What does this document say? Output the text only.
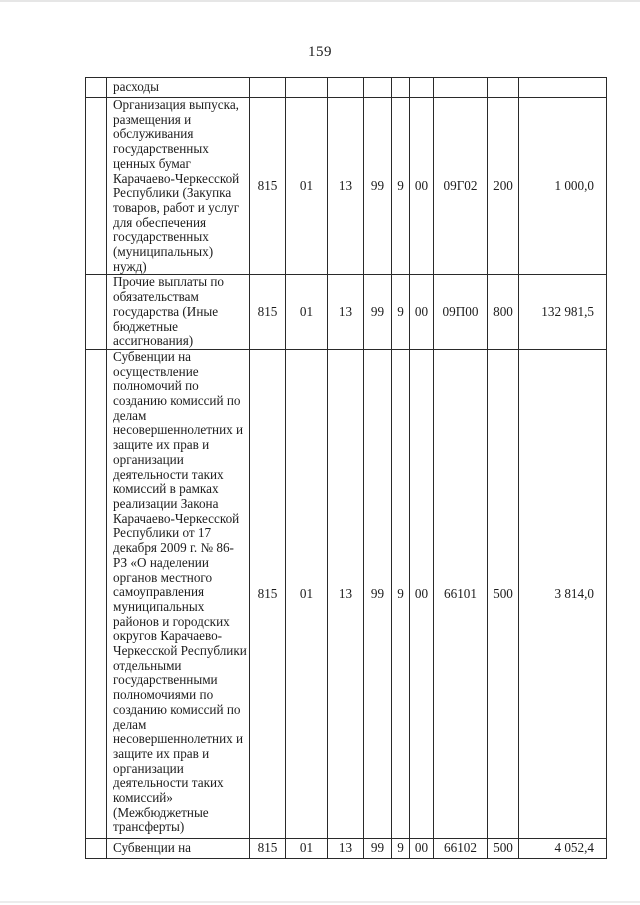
159
	расходы									
	Организация выпуска, размещения и обслуживания государственных ценных бумаг Карачаево-Черкесской Республики (Закупка товаров, работ и услуг для обеспечения государственных (муниципальных) нужд)	815	01	13	99	9	00	09Г02	200	1 000,0
	Прочие выплаты по обязательствам государства (Иные бюджетные ассигнования)	815	01	13	99	9	00	09П00	800	132 981,5
	Субвенции на осуществление полномочий по созданию комиссий по делам несовершеннолетних и защите их прав и организации деятельности таких комиссий в рамках реализации Закона Карачаево-Черкесской Республики от 17 декабря 2009 г. № 86-РЗ «О наделении органов местного самоуправления муниципальных районов и городских округов Карачаево-Черкесской Республики отдельными государственными полномочиями по созданию комиссий по делам несовершеннолетних и защите их прав и организации деятельности таких комиссий» (Межбюджетные трансферты)	815	01	13	99	9	00	66101	500	3 814,0
	Субвенции на	815	01	13	99	9	00	66102	500	4 052,4
